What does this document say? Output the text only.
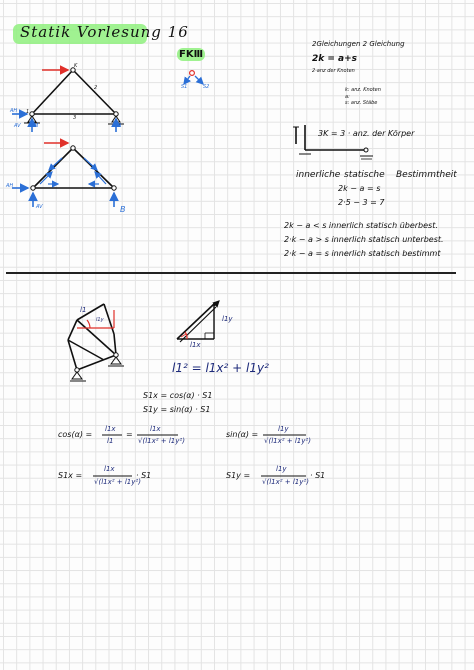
Statik Vorlesung 16
FKⅢ
K
1
2
3
AH
M
AV	B
AH
AV	B
S1	S2
2Gleichungen 2 Gleichung
2k = a+s
2·anz der Knoten
k: anz. Knoten
a:
s: anz. Stäbe
3K = 3 · anz. der Körper
innerliche statische Bestimmtheit
2k − a = s
2·5 − 3 = 7
2k − a < s innerlich statisch überbest.
2·k − a > s innerlich statisch unterbest.
2·k − a = s innerlich statisch bestimmt
l1
l1y	l1y
l1x
l1² = l1x² + l1y²
S1x = cos(α) · S1
S1y = sin(α) · S1
cos(α) =
l1x
l1
=
l1x
√(l1x² + l1y²)
sin(α) =
l1y
√(l1x² + l1y²)
S1x =
l1x
√(l1x² + l1y²)
· S1	S1y =
l1y
√(l1x² + l1y²)
· S1
